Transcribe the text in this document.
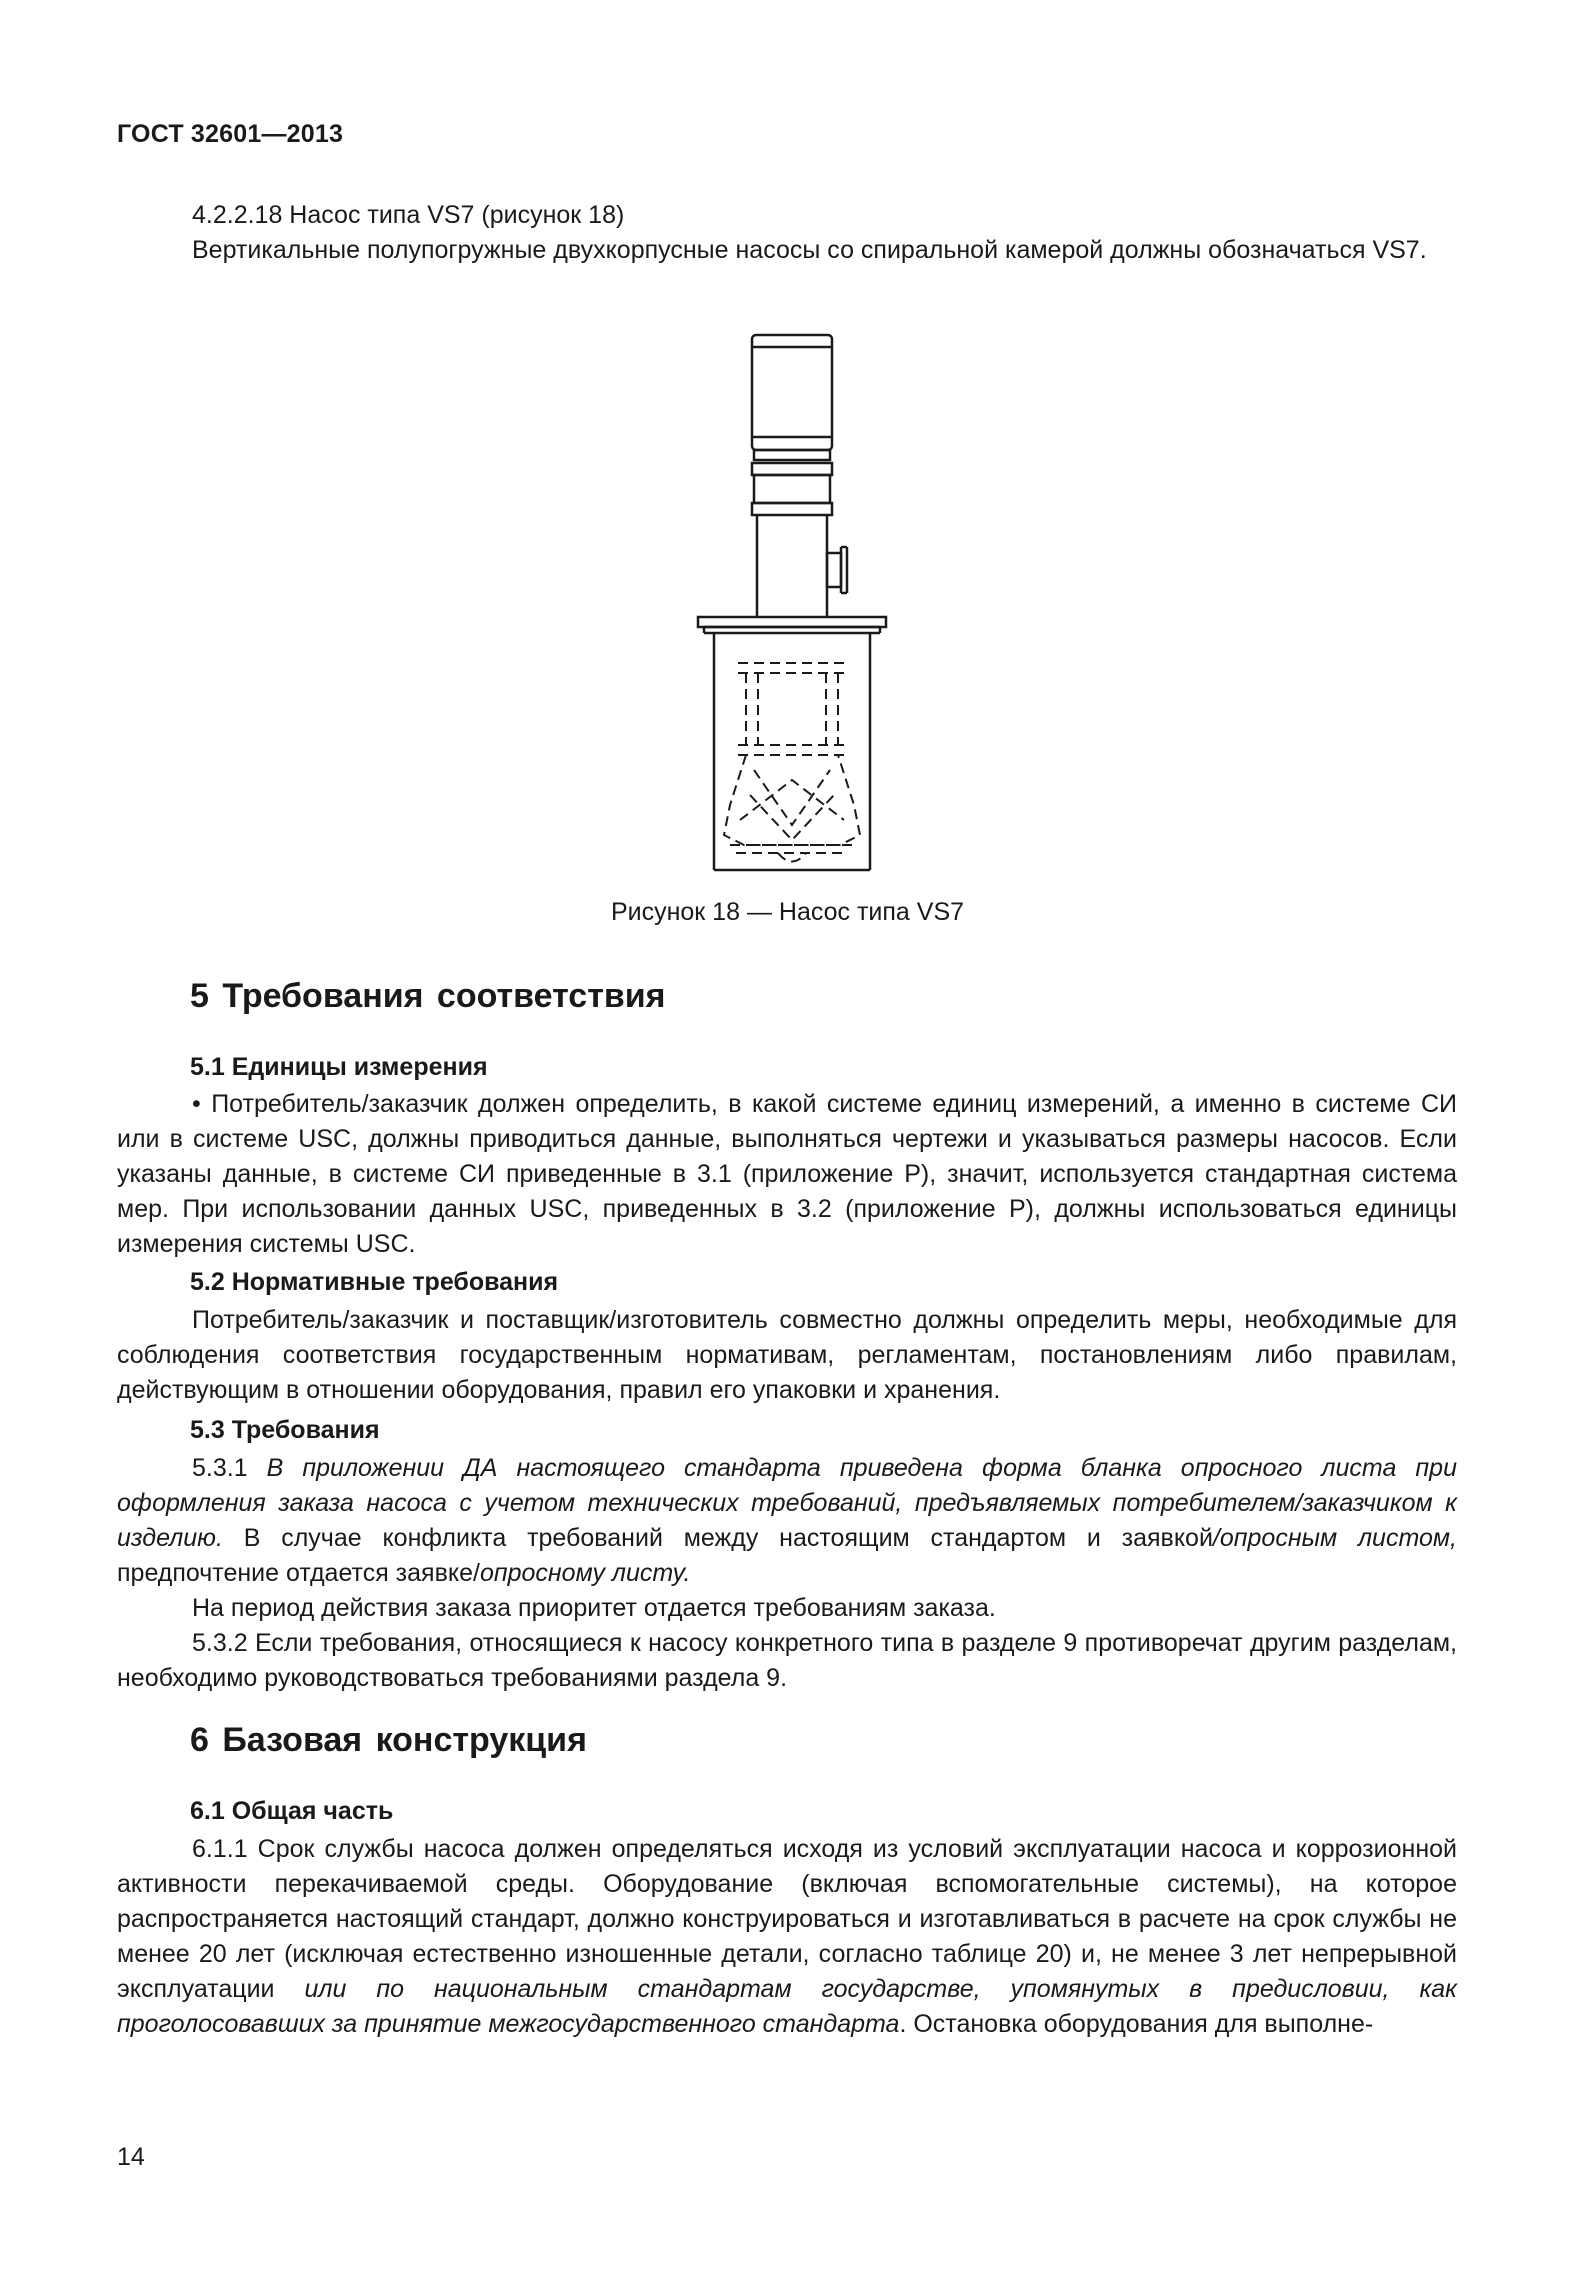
ГОСТ 32601—2013

4.2.2.18 Насос типа VS7 (рисунок 18)

Вертикальные полупогружные двухкорпусные насосы со спиральной камерой должны обозначаться VS7.

Рисунок 18 — Насос типа VS7
5 Требования соответствия
5.1 Единицы измерения

• Потребитель/заказчик должен определить, в какой системе единиц измерений, а именно в системе СИ или в системе USC, должны приводиться данные, выполняться чертежи и указываться размеры насосов. Если указаны данные, в системе СИ приведенные в 3.1 (приложение P), значит, используется стандартная система мер. При использовании данных USC, приведенных в 3.2 (приложение P), должны использоваться единицы измерения системы USC.

5.2 Нормативные требования

Потребитель/заказчик и поставщик/изготовитель совместно должны определить меры, необходимые для соблюдения соответствия государственным нормативам, регламентам, постановлениям либо правилам, действующим в отношении оборудования, правил его упаковки и хранения.

5.3 Требования

5.3.1 В приложении ДА настоящего стандарта приведена форма бланка опросного листа при оформления заказа насоса с учетом технических требований, предъявляемых потребителем/заказчиком к изделию. В случае конфликта требований между настоящим стандартом и заявкой/опросным листом, предпочтение отдается заявке/опросному листу.

На период действия заказа приоритет отдается требованиям заказа.

5.3.2 Если требования, относящиеся к насосу конкретного типа в разделе 9 противоречат другим разделам, необходимо руководствоваться требованиями раздела 9.

6 Базовая конструкция
6.1 Общая часть

6.1.1 Срок службы насоса должен определяться исходя из условий эксплуатации насоса и коррозионной активности перекачиваемой среды. Оборудование (включая вспомогательные системы), на которое распространяется настоящий стандарт, должно конструироваться и изготавливаться в расчете на срок службы не менее 20 лет (исключая естественно изношенные детали, согласно таблице 20) и, не менее 3 лет непрерывной эксплуатации или по национальным стандартам государстве, упомянутых в предисловии, как проголосовавших за принятие межгосударственного стандарта. Остановка оборудования для выполне-

14
